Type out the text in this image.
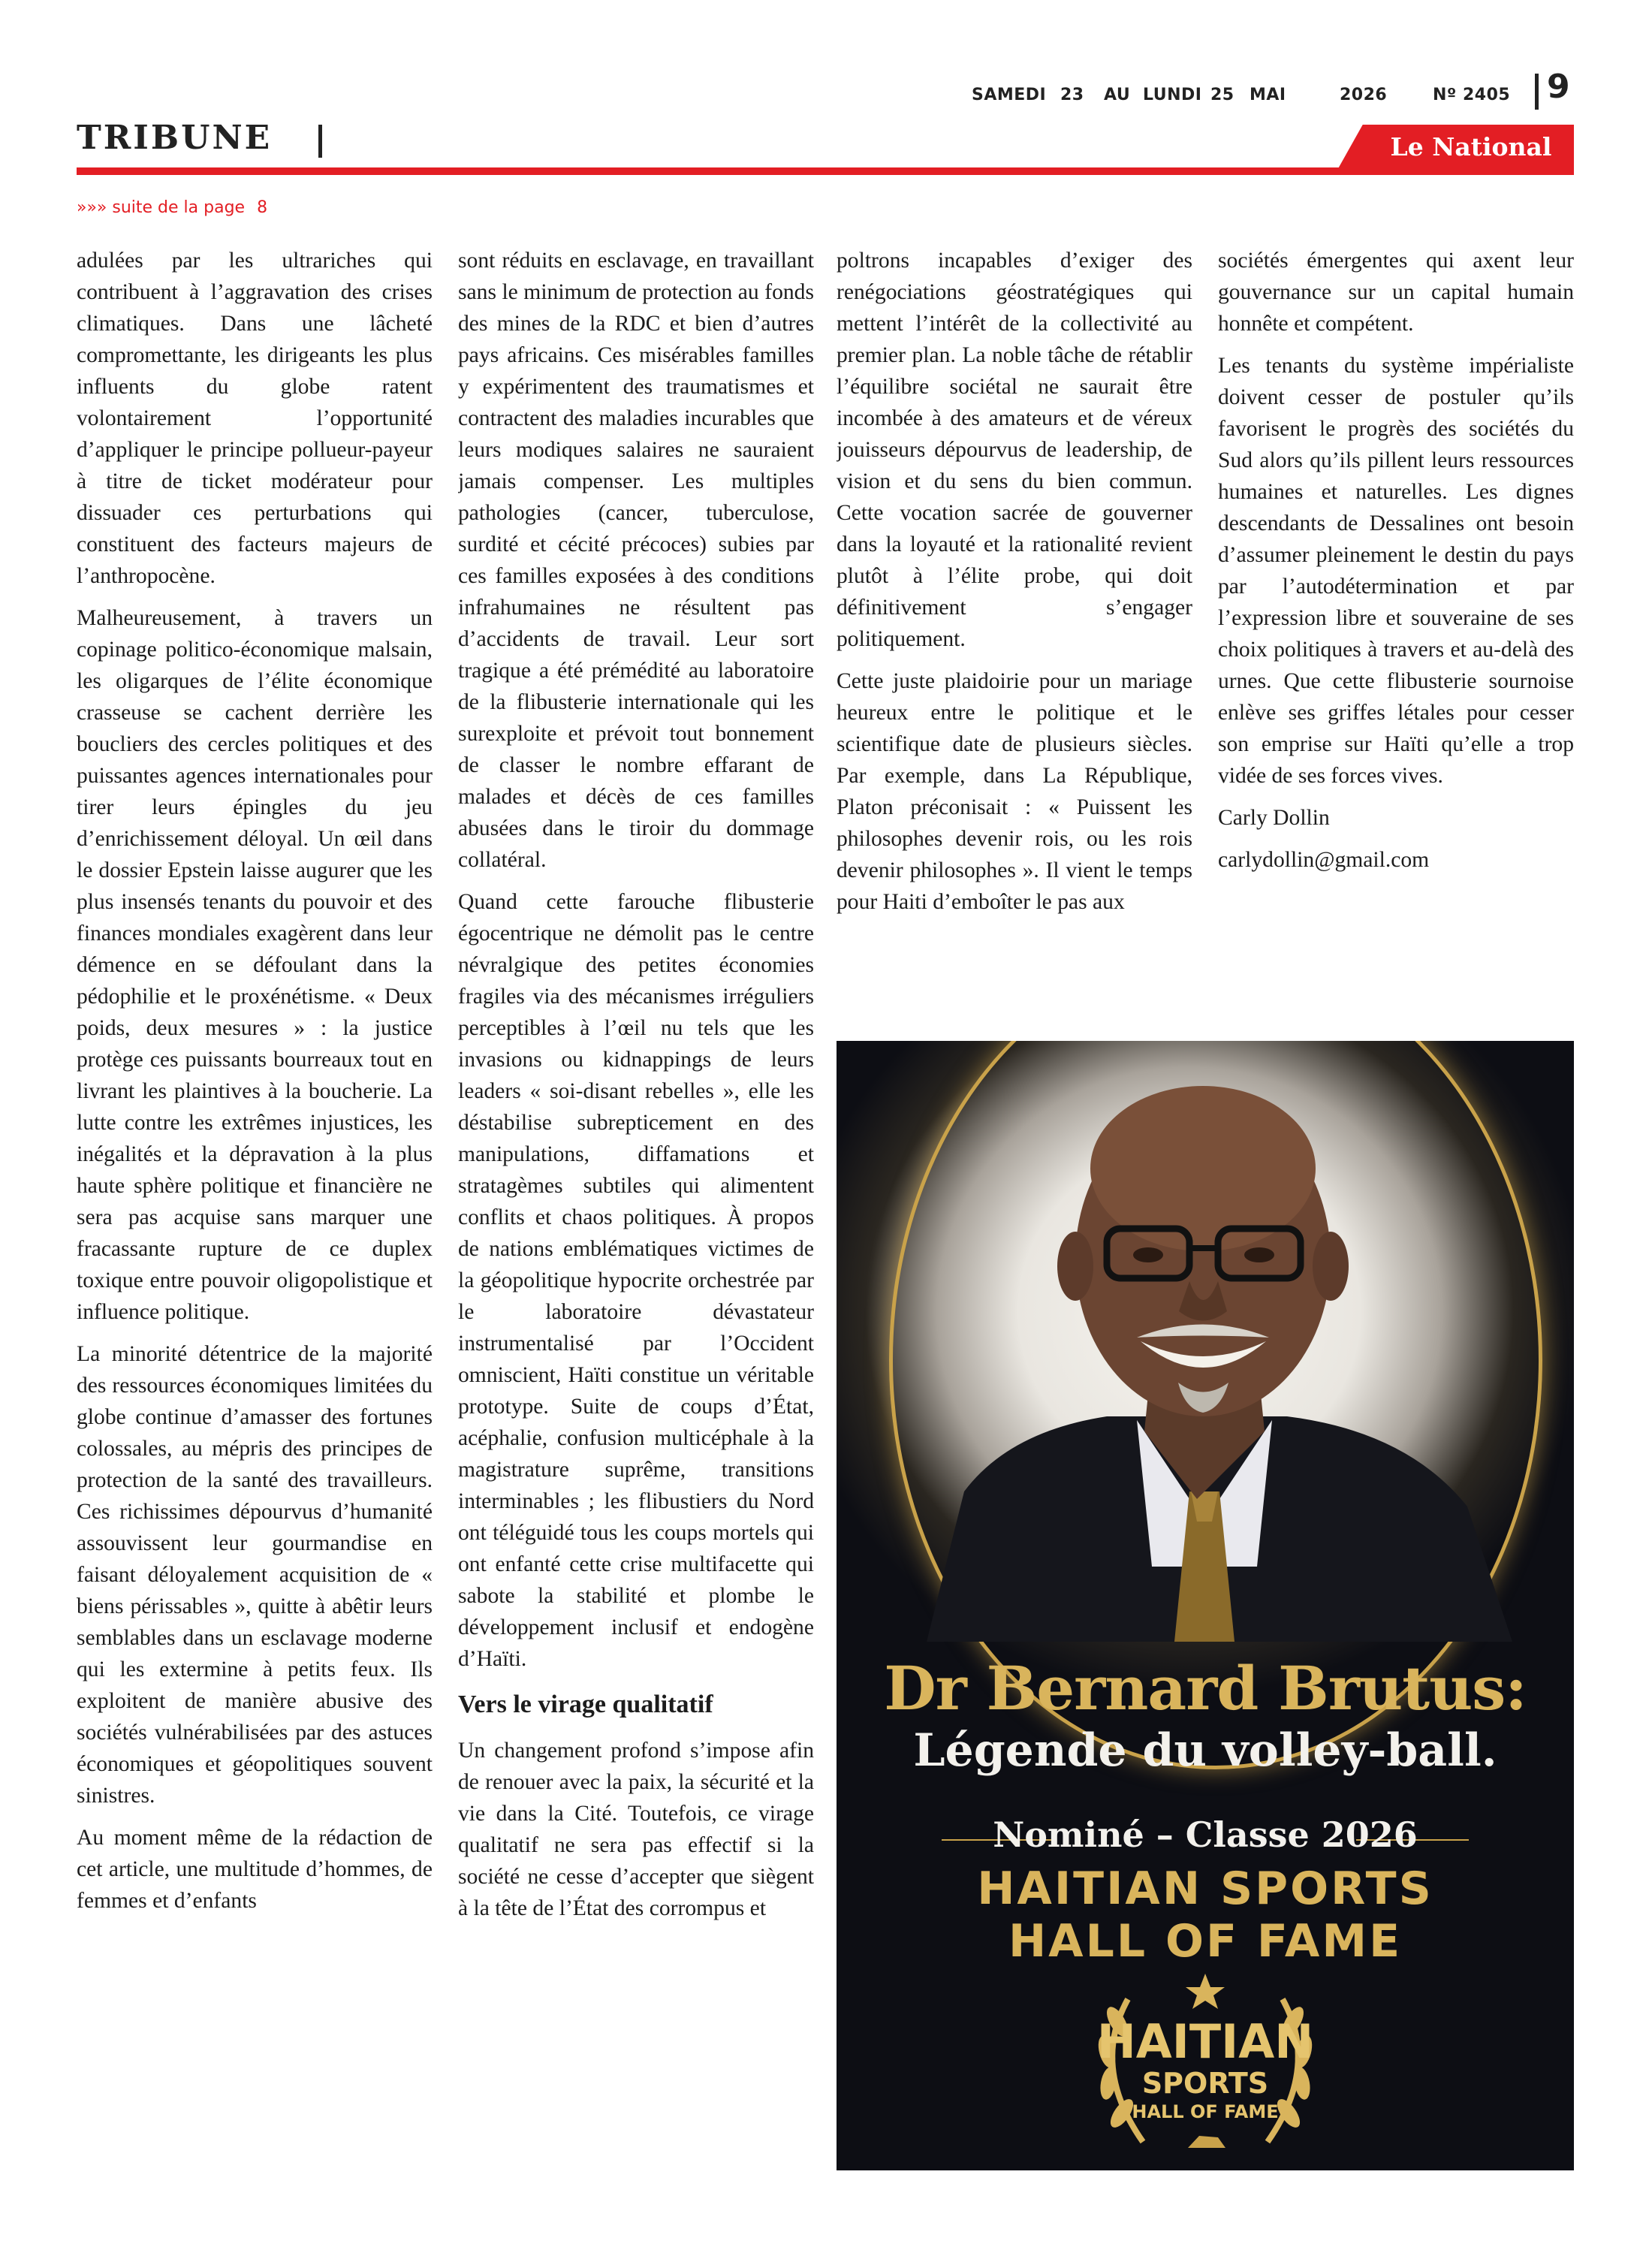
SAMEDI 23 AU LUNDI 25 MAI	2026	Nº 2405 9
TRIBUNE	Le National
»»» suite de la page 8

adulées par les ultrariches qui contribuent à l’aggravation des crises climatiques. Dans une lâcheté compromettante, les dirigeants les plus influents du globe ratent volontairement l’opportunité d’appliquer le principe pollueur-payeur à titre de ticket modérateur pour dissuader ces perturbations qui constituent des facteurs majeurs de l’anthropocène.

Malheureusement, à travers un copinage politico-économique malsain, les oligarques de l’élite économique crasseuse se cachent derrière les boucliers des cercles politiques et des puissantes agences internationales pour tirer leurs épingles du jeu d’enrichissement déloyal. Un œil dans le dossier Epstein laisse augurer que les plus insensés tenants du pouvoir et des finances mondiales exagèrent dans leur démence en se défoulant dans la pédophilie et le proxénétisme. « Deux poids, deux mesures » : la justice protège ces puissants bourreaux tout en livrant les plaintives à la boucherie. La lutte contre les extrêmes injustices, les inégalités et la dépravation à la plus haute sphère politique et financière ne sera pas acquise sans marquer une fracassante rupture de ce duplex toxique entre pouvoir oligopolistique et influence politique.

La minorité détentrice de la majorité des ressources économiques limitées du globe continue d’amasser des fortunes colossales, au mépris des principes de protection de la santé des travailleurs. Ces richissimes dépourvus d’humanité assouvissent leur gourmandise en faisant déloyalement acquisition de « biens périssables », quitte à abêtir leurs semblables dans un esclavage moderne qui les extermine à petits feux. Ils exploitent de manière abusive des sociétés vulnérabilisées par des astuces économiques et géopolitiques souvent sinistres.

Au moment même de la rédaction de cet article, une multitude d’hommes, de femmes et d’enfants

sont réduits en esclavage, en travaillant sans le minimum de protection au fonds des mines de la RDC et bien d’autres pays africains. Ces misérables familles y expérimentent des traumatismes et contractent des maladies incurables que leurs modiques salaires ne sauraient jamais compenser. Les multiples pathologies (cancer, tuberculose, surdité et cécité précoces) subies par ces familles exposées à des conditions infrahumaines ne résultent pas d’accidents de travail. Leur sort tragique a été prémédité au laboratoire de la flibusterie internationale qui les surexploite et prévoit tout bonnement de classer le nombre effarant de malades et décès de ces familles abusées dans le tiroir du dommage collatéral.

Quand cette farouche flibusterie égocentrique ne démolit pas le centre névralgique des petites économies fragiles via des mécanismes irréguliers perceptibles à l’œil nu tels que les invasions ou kidnappings de leurs leaders « soi-disant rebelles », elle les déstabilise subrepticement en des manipulations, diffamations et stratagèmes subtiles qui alimentent conflits et chaos politiques. À propos de nations emblématiques victimes de la géopolitique hypocrite orchestrée par le laboratoire dévastateur instrumentalisé par l’Occident omniscient, Haïti constitue un véritable prototype. Suite de coups d’État, acéphalie, confusion multicéphale à la magistrature suprême, transitions interminables ; les flibustiers du Nord ont téléguidé tous les coups mortels qui ont enfanté cette crise multifacette qui sabote la stabilité et plombe le développement inclusif et endogène d’Haïti.

Vers le virage qualitatif

Un changement profond s’impose afin de renouer avec la paix, la sécurité et la vie dans la Cité. Toutefois, ce virage qualitatif ne sera pas effectif si la société ne cesse d’accepter que siègent à la tête de l’État des corrompus et

poltrons incapables d’exiger des renégociations géostratégiques qui mettent l’intérêt de la collectivité au premier plan. La noble tâche de rétablir l’équilibre sociétal ne saurait être incombée à des amateurs et de véreux jouisseurs dépourvus de leadership, de vision et du sens du bien commun. Cette vocation sacrée de gouverner dans la loyauté et la rationalité revient plutôt à l’élite probe, qui doit définitivement s’engager politiquement.

Cette juste plaidoirie pour un mariage heureux entre le politique et le scientifique date de plusieurs siècles. Par exemple, dans La République, Platon préconisait : « Puissent les philosophes devenir rois, ou les rois devenir philosophes ». Il vient le temps pour Haiti d’emboîter le pas aux

sociétés émergentes qui axent leur gouvernance sur un capital humain honnête et compétent.

Les tenants du système impérialiste doivent cesser de postuler qu’ils favorisent le progrès des sociétés du Sud alors qu’ils pillent leurs ressources humaines et naturelles. Les dignes descendants de Dessalines ont besoin d’assumer pleinement le destin du pays par l’autodétermination et par l’expression libre et souveraine de ses choix politiques à travers et au-delà des urnes. Que cette flibusterie sournoise enlève ses griffes létales pour cesser son emprise sur Haïti qu’elle a trop vidée de ses forces vives.

Carly Dollin

carlydollin@gmail.com

Dr Bernard Brutus:
Légende du volley-ball.
Nominé – Classe 2026
HAITIAN SPORTS
HALL OF FAME
HAITIAN
SPORTS
HALL OF FAME
